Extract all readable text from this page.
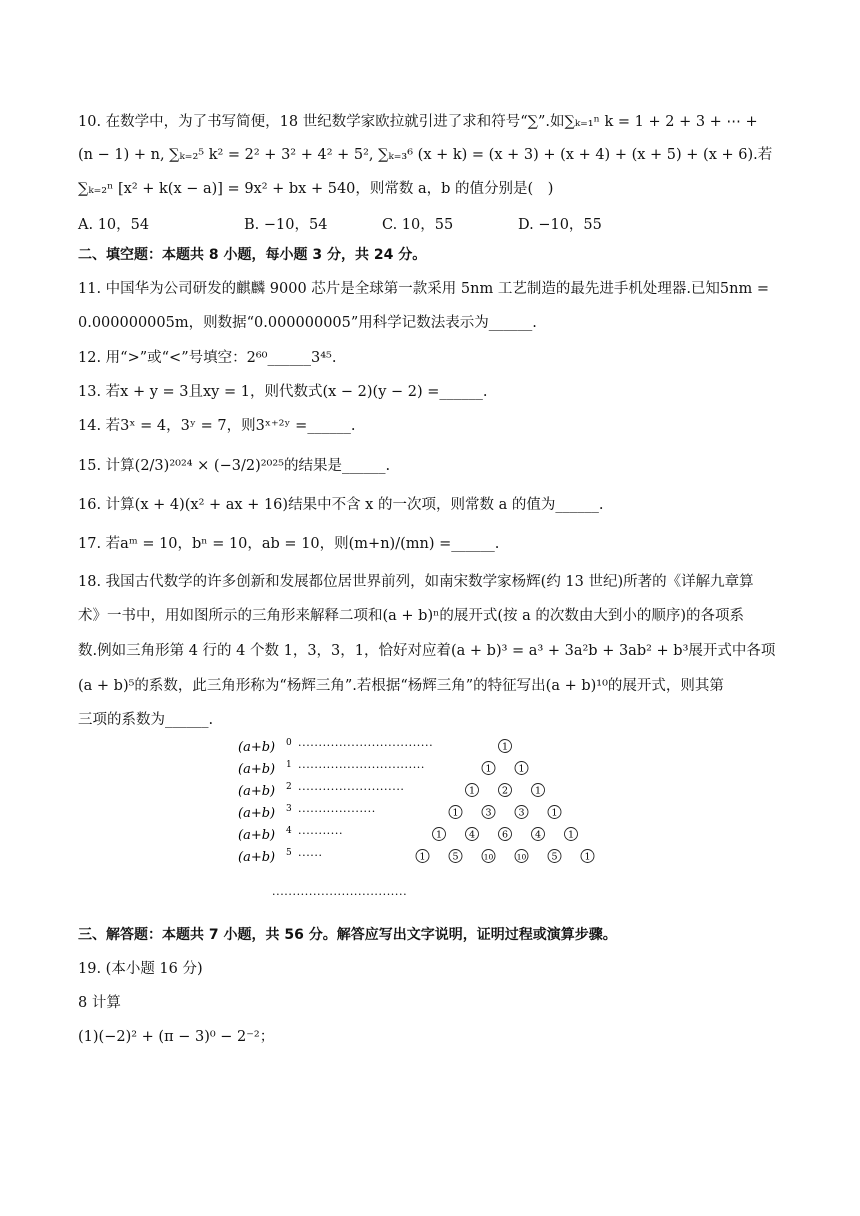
10. 在数学中，为了书写简便，18 世纪数学家欧拉就引进了求和符号“∑”.如∑ₖ₌₁ⁿ k = 1 + 2 + 3 + ⋯ +
(n − 1) + n, ∑ₖ₌₂⁵ k² = 2² + 3² + 4² + 5², ∑ₖ₌₃⁶ (x + k) = (x + 3) + (x + 4) + (x + 5) + (x + 6).若
∑ₖ₌₂ⁿ [x² + k(x − a)] = 9x² + bx + 540，则常数 a，b 的值分别是(　)
A. 10，54	B. −10，54	C. 10，55	D. −10，55
二、填空题：本题共 8 小题，每小题 3 分，共 24 分。
11. 中国华为公司研发的麒麟 9000 芯片是全球第一款采用 5nm 工艺制造的最先进手机处理器.已知5nm =
0.000000005m，则数据“0.000000005”用科学记数法表示为______.
12. 用“>”或“<”号填空：2⁶⁰______3⁴⁵.
13. 若x + y = 3且xy = 1，则代数式(x − 2)(y − 2) =______.
14. 若3ˣ = 4，3ʸ = 7，则3ˣ⁺²ʸ =______.
15. 计算(2/3)²⁰²⁴ × (−3/2)²⁰²⁵的结果是______.
16. 计算(x + 4)(x² + ax + 16)结果中不含 x 的一次项，则常数 a 的值为______.
17. 若aᵐ = 10，bⁿ = 10，ab = 10，则(m+n)/(mn) =______.
18. 我国古代数学的许多创新和发展都位居世界前列，如南宋数学家杨辉(约 13 世纪)所著的《详解九章算
术》一书中，用如图所示的三角形来解释二项和(a + b)ⁿ的展开式(按 a 的次数由大到小的顺序)的各项系
数.例如三角形第 4 行的 4 个数 1，3，3，1，恰好对应着(a + b)³ = a³ + 3a²b + 3ab² + b³展开式中各项
(a + b)⁵的系数，此三角形称为“杨辉三角”.若根据“杨辉三角”的特征写出(a + b)¹⁰的展开式，则其第
三项的系数为______.
(a+b) 0 ·································	1
(a+b) 1 ·······························	1	1
(a+b) 2 ··························	1	2	1
(a+b) 3 ···················	1	3	3	1
(a+b) 4 ···········	1	4	6	4	1
(a+b) 5 ······	1	5	10	10	5	1
·································
三、解答题：本题共 7 小题，共 56 分。解答应写出文字说明，证明过程或演算步骤。
19. (本小题 16 分)
8 计算
(1)(−2)² + (π − 3)⁰ − 2⁻²；
